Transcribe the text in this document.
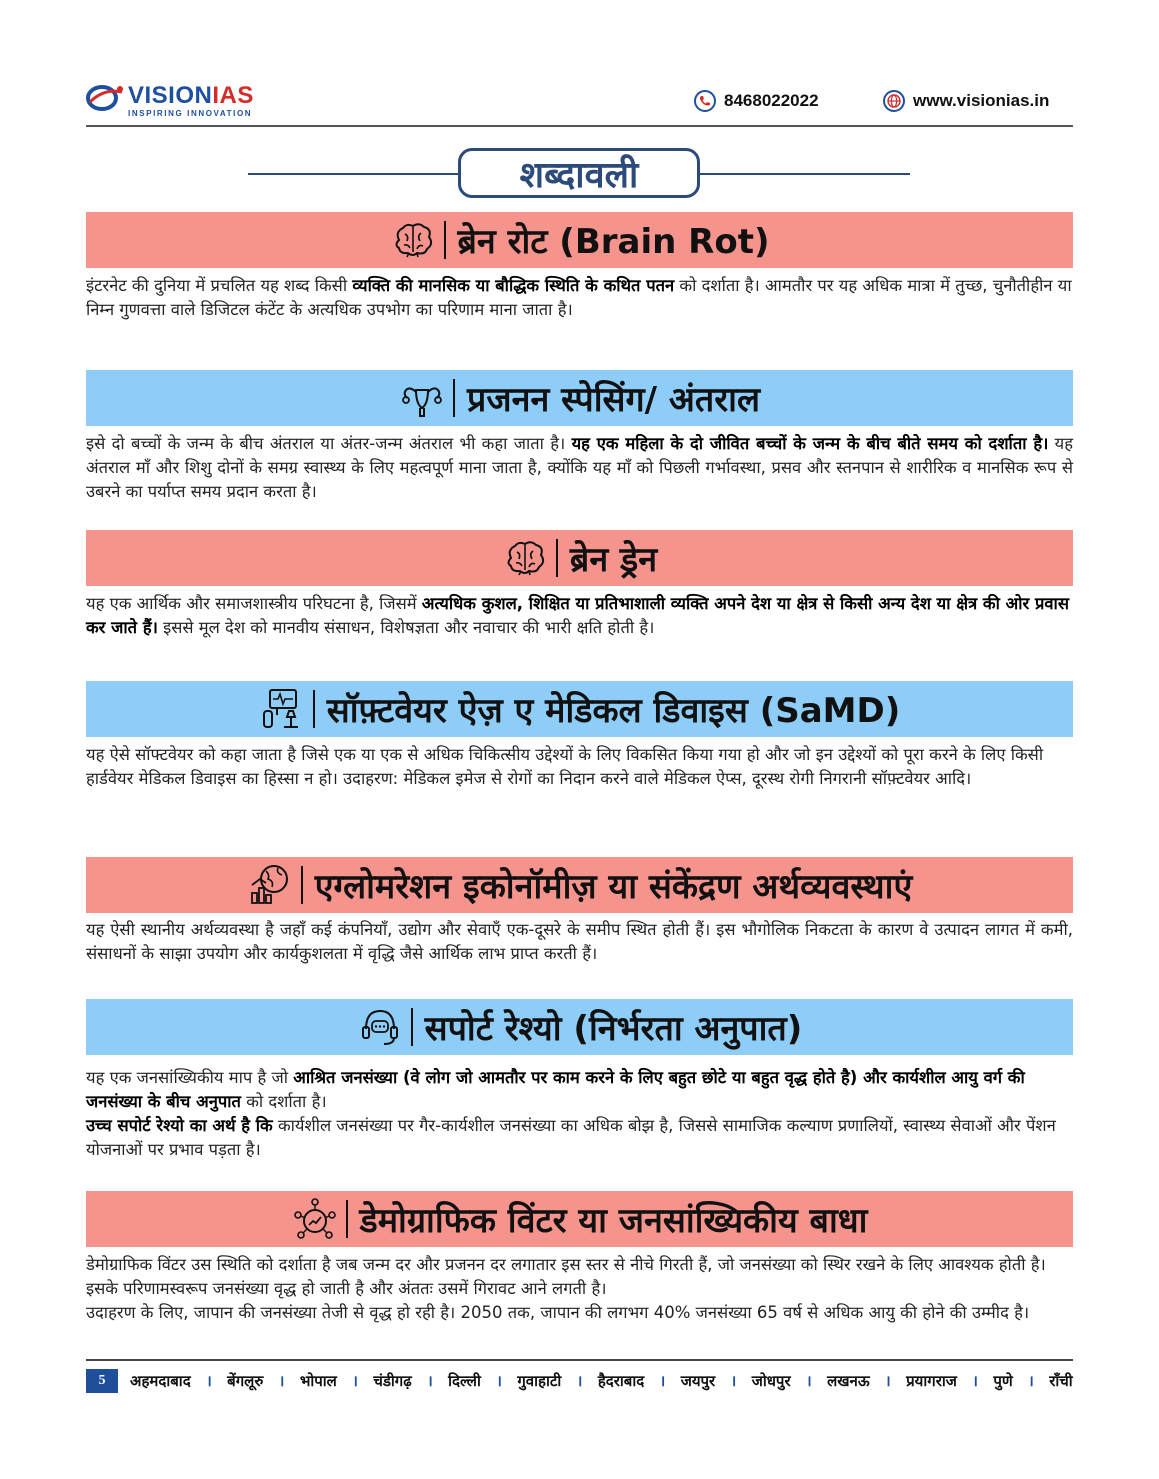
VISIONIAS
INSPIRING INNOVATION
8468022022	www.visionias.in
शब्दावली
ब्रेन रोट (Brain Rot)
इंटरनेट की दुनिया में प्रचलित यह शब्द किसी व्यक्ति की मानसिक या बौद्धिक स्थिति के कथित पतन को दर्शाता है। आमतौर पर यह अधिक मात्रा में तुच्छ, चुनौतीहीन या निम्न गुणवत्ता वाले डिजिटल कंटेंट के अत्यधिक उपभोग का परिणाम माना जाता है।
प्रजनन स्पेसिंग/ अंतराल
इसे दो बच्चों के जन्म के बीच अंतराल या अंतर-जन्म अंतराल भी कहा जाता है। यह एक महिला के दो जीवित बच्चों के जन्म के बीच बीते समय को दर्शाता है। यह अंतराल माँ और शिशु दोनों के समग्र स्वास्थ्य के लिए महत्वपूर्ण माना जाता है, क्योंकि यह माँ को पिछली गर्भावस्था, प्रसव और स्तनपान से शारीरिक व मानसिक रूप से उबरने का पर्याप्त समय प्रदान करता है।
ब्रेन ड्रेन
यह एक आर्थिक और समाजशास्त्रीय परिघटना है, जिसमें अत्यधिक कुशल, शिक्षित या प्रतिभाशाली व्यक्ति अपने देश या क्षेत्र से किसी अन्य देश या क्षेत्र की ओर प्रवास कर जाते हैं। इससे मूल देश को मानवीय संसाधन, विशेषज्ञता और नवाचार की भारी क्षति होती है।
सॉफ़्टवेयर ऐज़ ए मेडिकल डिवाइस (SaMD)
यह ऐसे सॉफ्टवेयर को कहा जाता है जिसे एक या एक से अधिक चिकित्सीय उद्देश्यों के लिए विकसित किया गया हो और जो इन उद्देश्यों को पूरा करने के लिए किसी हार्डवेयर मेडिकल डिवाइस का हिस्सा न हो। उदाहरण: मेडिकल इमेज से रोगों का निदान करने वाले मेडिकल ऐप्स, दूरस्थ रोगी निगरानी सॉफ़्टवेयर आदि।
एग्लोमरेशन इकोनॉमीज़ या संकेंद्रण अर्थव्यवस्थाएं
यह ऐसी स्थानीय अर्थव्यवस्था है जहाँ कई कंपनियाँ, उद्योग और सेवाएँ एक-दूसरे के समीप स्थित होती हैं। इस भौगोलिक निकटता के कारण वे उत्पादन लागत में कमी, संसाधनों के साझा उपयोग और कार्यकुशलता में वृद्धि जैसे आर्थिक लाभ प्राप्त करती हैं।
सपोर्ट रेश्यो (निर्भरता अनुपात)
यह एक जनसांख्यिकीय माप है जो आश्रित जनसंख्या (वे लोग जो आमतौर पर काम करने के लिए बहुत छोटे या बहुत वृद्ध होते है) और कार्यशील आयु वर्ग की जनसंख्या के बीच अनुपात को दर्शाता है।
उच्च सपोर्ट रेश्यो का अर्थ है कि कार्यशील जनसंख्या पर गैर-कार्यशील जनसंख्या का अधिक बोझ है, जिससे सामाजिक कल्याण प्रणालियों, स्वास्थ्य सेवाओं और पेंशन योजनाओं पर प्रभाव पड़ता है।
डेमोग्राफिक विंटर या जनसांख्यिकीय बाधा
डेमोग्राफिक विंटर उस स्थिति को दर्शाता है जब जन्म दर और प्रजनन दर लगातार इस स्तर से नीचे गिरती हैं, जो जनसंख्या को स्थिर रखने के लिए आवश्यक होती है। इसके परिणामस्वरूप जनसंख्या वृद्ध हो जाती है और अंततः उसमें गिरावट आने लगती है।
उदाहरण के लिए, जापान की जनसंख्या तेजी से वृद्ध हो रही है। 2050 तक, जापान की लगभग 40% जनसंख्या 65 वर्ष से अधिक आयु की होने की उम्मीद है।
5	अहमदाबाद । बेंगलूरु । भोपाल । चंडीगढ़ । दिल्ली । गुवाहाटी । हैदराबाद । जयपुर । जोधपुर । लखनऊ । प्रयागराज । पुणे । राँची
